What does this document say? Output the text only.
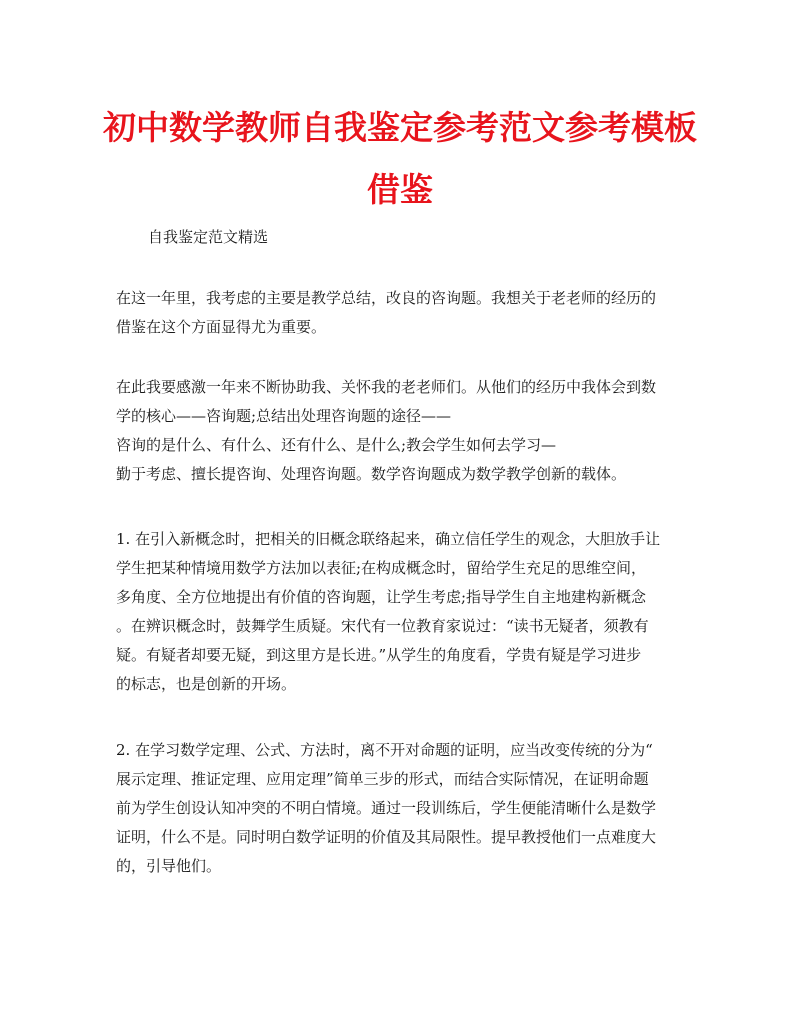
初中数学教师自我鉴定参考范文参考模板
借鉴
自我鉴定范文精选
在这一年里，我考虑的主要是教学总结，改良的咨询题。我想关于老老师的经历的
借鉴在这个方面显得尤为重要。
在此我要感激一年来不断协助我、关怀我的老老师们。从他们的经历中我体会到数
学的核心——咨询题;总结出处理咨询题的途径——
咨询的是什么、有什么、还有什么、是什么;教会学生如何去学习—
勤于考虑、擅长提咨询、处理咨询题。数学咨询题成为数学教学创新的载体。
1. 在引入新概念时，把相关的旧概念联络起来，确立信任学生的观念，大胆放手让
学生把某种情境用数学方法加以表征;在构成概念时，留给学生充足的思维空间，
多角度、全方位地提出有价值的咨询题，让学生考虑;指导学生自主地建构新概念
。在辨识概念时，鼓舞学生质疑。宋代有一位教育家说过：“读书无疑者，须教有
疑。有疑者却要无疑，到这里方是长进。”从学生的角度看，学贵有疑是学习进步
的标志，也是创新的开场。
2. 在学习数学定理、公式、方法时，离不开对命题的证明，应当改变传统的分为“
展示定理、推证定理、应用定理”简单三步的形式，而结合实际情况，在证明命题
前为学生创设认知冲突的不明白情境。通过一段训练后，学生便能清晰什么是数学
证明，什么不是。同时明白数学证明的价值及其局限性。提早教授他们一点难度大
的，引导他们。
